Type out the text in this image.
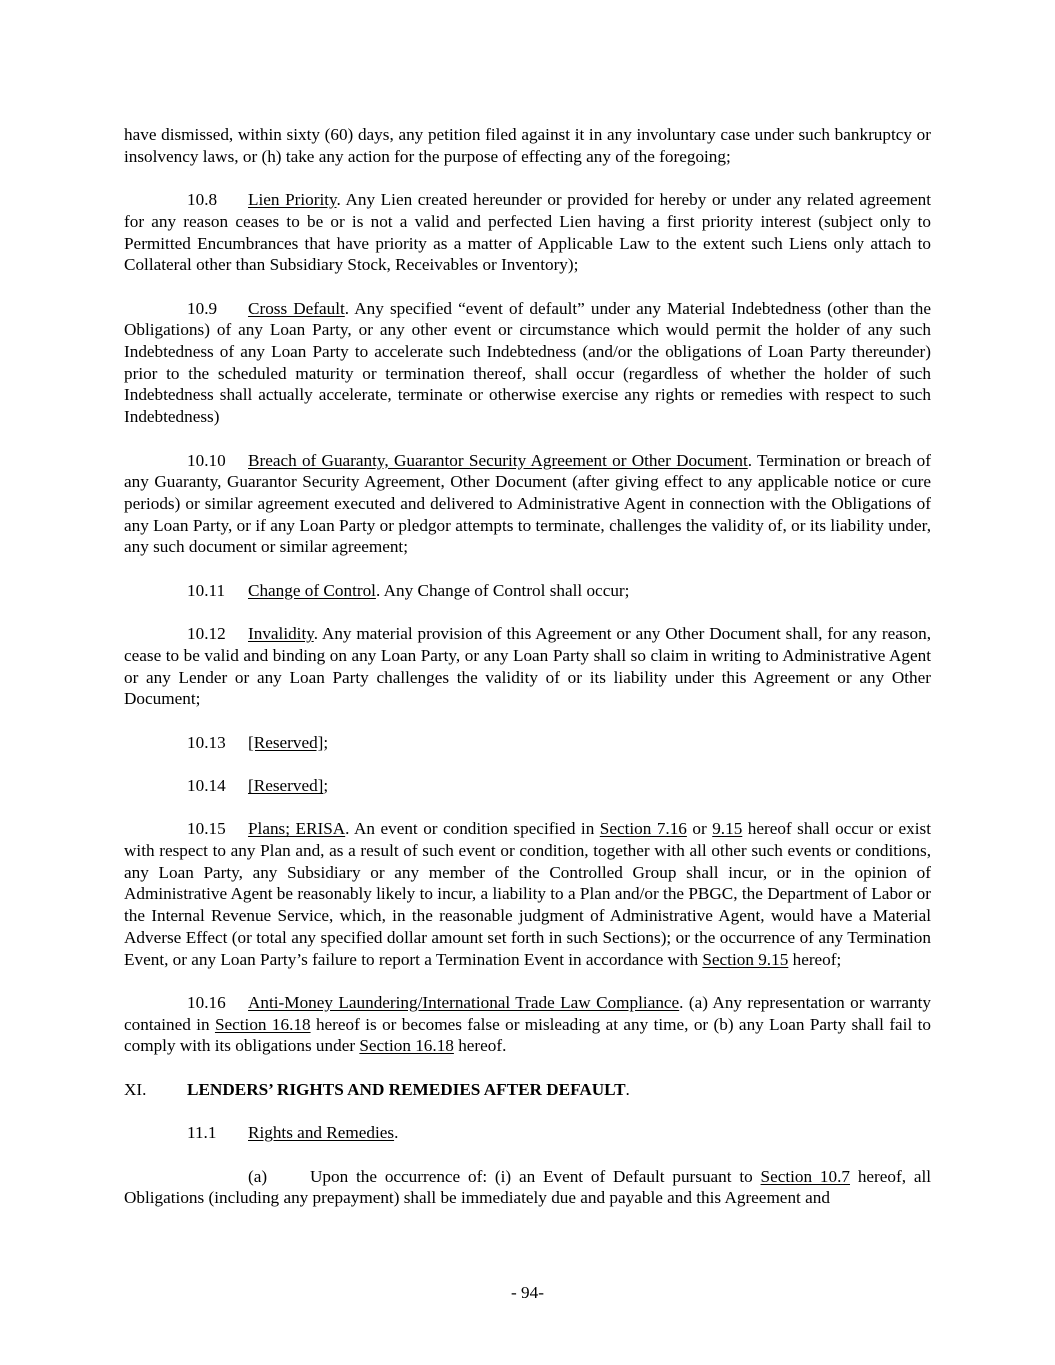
have dismissed, within sixty (60) days, any petition filed against it in any involuntary case under such bankruptcy or insolvency laws, or (h) take any action for the purpose of effecting any of the foregoing;

10.8 Lien Priority. Any Lien created hereunder or provided for hereby or under any related agreement for any reason ceases to be or is not a valid and perfected Lien having a first priority interest (subject only to Permitted Encumbrances that have priority as a matter of Applicable Law to the extent such Liens only attach to Collateral other than Subsidiary Stock, Receivables or Inventory);

10.9 Cross Default. Any specified “event of default” under any Material Indebtedness (other than the Obligations) of any Loan Party, or any other event or circumstance which would permit the holder of any such Indebtedness of any Loan Party to accelerate such Indebtedness (and/or the obligations of Loan Party thereunder) prior to the scheduled maturity or termination thereof, shall occur (regardless of whether the holder of such Indebtedness shall actually accelerate, terminate or otherwise exercise any rights or remedies with respect to such Indebtedness)

10.10 Breach of Guaranty, Guarantor Security Agreement or Other Document. Termination or breach of any Guaranty, Guarantor Security Agreement, Other Document (after giving effect to any applicable notice or cure periods) or similar agreement executed and delivered to Administrative Agent in connection with the Obligations of any Loan Party, or if any Loan Party or pledgor attempts to terminate, challenges the validity of, or its liability under, any such document or similar agreement;

10.11 Change of Control. Any Change of Control shall occur;

10.12 Invalidity. Any material provision of this Agreement or any Other Document shall, for any reason, cease to be valid and binding on any Loan Party, or any Loan Party shall so claim in writing to Administrative Agent or any Lender or any Loan Party challenges the validity of or its liability under this Agreement or any Other Document;

10.13 [Reserved];

10.14 [Reserved];

10.15 Plans; ERISA. An event or condition specified in Section 7.16 or 9.15 hereof shall occur or exist with respect to any Plan and, as a result of such event or condition, together with all other such events or conditions, any Loan Party, any Subsidiary or any member of the Controlled Group shall incur, or in the opinion of Administrative Agent be reasonably likely to incur, a liability to a Plan and/or the PBGC, the Department of Labor or the Internal Revenue Service, which, in the reasonable judgment of Administrative Agent, would have a Material Adverse Effect (or total any specified dollar amount set forth in such Sections); or the occurrence of any Termination Event, or any Loan Party’s failure to report a Termination Event in accordance with Section 9.15 hereof;

10.16 Anti-Money Laundering/International Trade Law Compliance. (a) Any representation or warranty contained in Section 16.18 hereof is or becomes false or misleading at any time, or (b) any Loan Party shall fail to comply with its obligations under Section 16.18 hereof.

XI. LENDERS’ RIGHTS AND REMEDIES AFTER DEFAULT.

11.1 Rights and Remedies.

(a) Upon the occurrence of: (i) an Event of Default pursuant to Section 10.7 hereof, all Obligations (including any prepayment) shall be immediately due and payable and this Agreement and

- 94-
